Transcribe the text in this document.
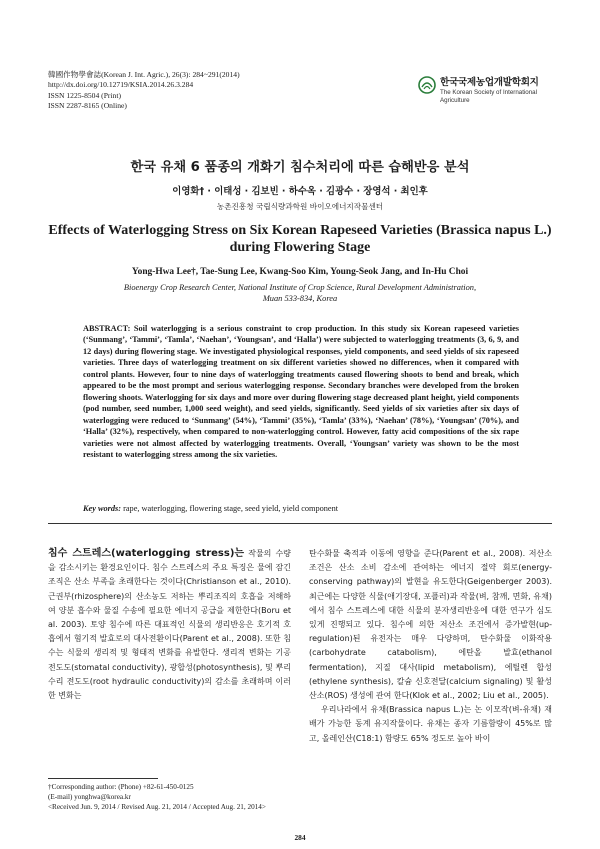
韓國作物學會誌(Korean J. Int. Agric.), 26(3): 284~291(2014)
http://dx.doi.org/10.12719/KSIA.2014.26.3.284
ISSN 1225-8504 (Print)
ISSN 2287-8165 (Online)
한국국제농업개발학회지
The Korean Society of International
Agriculture
한국 유채 6 품종의 개화기 침수처리에 따른 습해반응 분석
이영화† · 이태성 · 김보빈 · 하수옥 · 김광수 · 장영석 · 최인후
농촌진흥청 국립식량과학원 바이오에너지작물센터
Effects of Waterlogging Stress on Six Korean Rapeseed Varieties (Brassica napus L.)
during Flowering Stage
Yong-Hwa Lee†, Tae-Sung Lee, Kwang-Soo Kim, Young-Seok Jang, and In-Hu Choi
Bioenergy Crop Research Center, National Institute of Crop Science, Rural Development Administration,
Muan 533-834, Korea
ABSTRACT: Soil waterlogging is a serious constraint to crop production. In this study six Korean rapeseed varieties (‘Sunmang’, ‘Tammi’, ‘Tamla’, ‘Naehan’, ‘Youngsan’, and ‘Halla’) were subjected to waterlogging treatments (3, 6, 9, and 12 days) during flowering stage. We investigated physiological responses, yield components, and seed yields of six rapeseed varieties. Three days of waterlogging treatment on six different varieties showed no differences, when it compared with control plants. However, four to nine days of waterlogging treatments caused flowering shoots to bend and break, which appeared to be the most prompt and serious waterlogging response. Secondary branches were developed from the broken flowering shoots. Waterlogging for six days and more over during flowering stage decreased plant height, yield components (pod number, seed number, 1,000 seed weight), and seed yields, significantly. Seed yields of six varieties after six days of waterlogging were reduced to ‘Sunmang’ (54%), ‘Tammi’ (35%), ‘Tamla’ (33%), ‘Naehan’ (78%), ‘Youngsan’ (70%), and ‘Halla’ (32%), respectively, when compared to non-waterlogging control. However, fatty acid compositions of the six rape varieties were not almost affected by waterlogging treatments. Overall, ‘Youngsan’ variety was shown to be the most resistant to waterlogging stress among the six varieties.
Key words: rape, waterlogging, flowering stage, seed yield, yield component

침수 스트레스(waterlogging stress)는 작물의 수량을 감소시키는 환경요인이다. 침수 스트레스의 주요 특징은 물에 잠긴 조직은 산소 부족을 초래한다는 것이다(Christianson et al., 2010). 근권부(rhizosphere)의 산소농도 저하는 뿌리조직의 호흡을 저해하여 양분 흡수와 물질 수송에 필요한 에너지 공급을 제한한다(Boru et al. 2003). 토양 침수에 따른 대표적인 식물의 생리반응은 호기적 호흡에서 혐기적 발효로의 대사전환이다(Parent et al., 2008). 또한 침수는 식물의 생리적 및 형태적 변화를 유발한다. 생리적 변화는 기공 전도도(stomatal conductivity), 광합성(photosynthesis), 및 뿌리 수리 전도도(root hydraulic conductivity)의 감소를 초래하며 이러한 변화는

탄수화물 축적과 이동에 영향을 준다(Parent et al., 2008). 저산소 조건은 산소 소비 감소에 관여하는 에너지 절약 회로(energy-conserving pathway)의 발현을 유도한다(Geigenberger 2003). 최근에는 다양한 식물(애기장대, 포플러)과 작물(벼, 참깨, 면화, 유채)에서 침수 스트레스에 대한 식물의 분자생리반응에 대한 연구가 심도 있게 진행되고 있다. 침수에 의한 저산소 조건에서 증가발현(up-regulation)된 유전자는 매우 다양하며, 탄수화물 이화작용(carbohydrate catabolism), 에탄올 발효(ethanol fermentation), 지질 대사(lipid metabolism), 에틸렌 합성(ethylene synthesis), 칼슘 신호전달(calcium signaling) 및 활성산소(ROS) 생성에 관여 한다(Klok et al., 2002; Liu et al., 2005).

우리나라에서 유채(Brassica napus L.)는 논 이모작(벼-유채) 재배가 가능한 동계 유지작물이다. 유채는 종자 기름함량이 45%로 많고, 올레인산(C18:1) 함량도 65% 정도로 높아 바이

†Corresponding author: (Phone) +82-61-450-0125
(E-mail) yonghwa@korea.kr
<Received Jun. 9, 2014 / Revised Aug. 21, 2014 / Accepted Aug. 21, 2014>
284
